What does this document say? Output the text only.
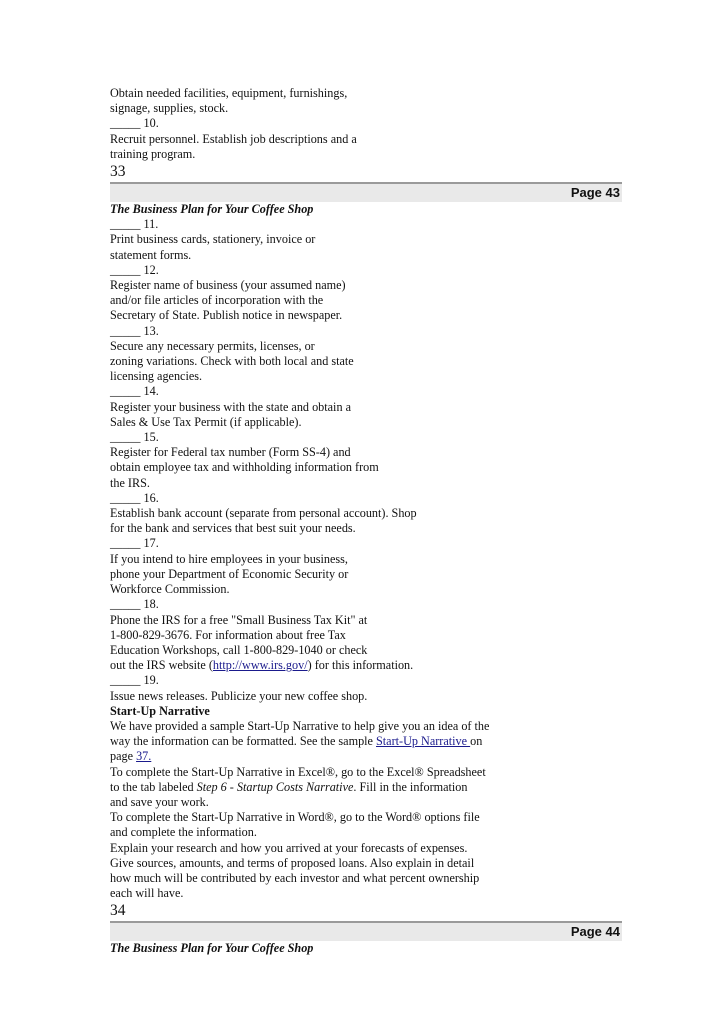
Obtain needed facilities, equipment, furnishings,
signage, supplies, stock.
_____ 10.
Recruit personnel. Establish job descriptions and a
training program.
33
Page 43
The Business Plan for Your Coffee Shop
_____ 11.
Print business cards, stationery, invoice or
statement forms.
_____ 12.
Register name of business (your assumed name)
and/or file articles of incorporation with the
Secretary of State. Publish notice in newspaper.
_____ 13.
Secure any necessary permits, licenses, or
zoning variations. Check with both local and state
licensing agencies.
_____ 14.
Register your business with the state and obtain a
Sales & Use Tax Permit (if applicable).
_____ 15.
Register for Federal tax number (Form SS-4) and
obtain employee tax and withholding information from
the IRS.
_____ 16.
Establish bank account (separate from personal account). Shop
for the bank and services that best suit your needs.
_____ 17.
If you intend to hire employees in your business,
phone your Department of Economic Security or
Workforce Commission.
_____ 18.
Phone the IRS for a free "Small Business Tax Kit" at
1-800-829-3676. For information about free Tax
Education Workshops, call 1-800-829-1040 or check
out the IRS website (http://www.irs.gov/) for this information.
_____ 19.
Issue news releases. Publicize your new coffee shop.
Start-Up Narrative
We have provided a sample Start-Up Narrative to help give you an idea of the
way the information can be formatted. See the sample Start-Up Narrative on
page 37.
To complete the Start-Up Narrative in Excel®, go to the Excel® Spreadsheet
to the tab labeled Step 6 - Startup Costs Narrative. Fill in the information
and save your work.
To complete the Start-Up Narrative in Word®, go to the Word® options file
and complete the information.
Explain your research and how you arrived at your forecasts of expenses.
Give sources, amounts, and terms of proposed loans. Also explain in detail
how much will be contributed by each investor and what percent ownership
each will have.
34
Page 44
The Business Plan for Your Coffee Shop
